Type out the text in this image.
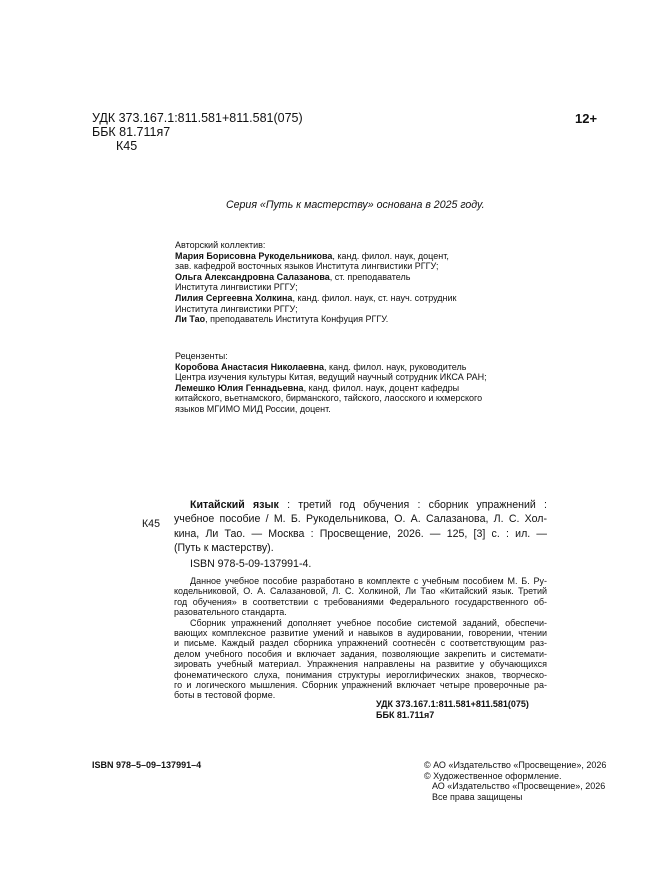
УДК 373.167.1:811.581+811.581(075)
ББК 81.711я7
К45
12+
Серия «Путь к мастерству» основана в 2025 году.
Авторский коллектив:
Мария Борисовна Рукодельникова, канд. филол. наук, доцент,
зав. кафедрой восточных языков Института лингвистики РГГУ;
Ольга Александровна Салазанова, ст. преподаватель
Института лингвистики РГГУ;
Лилия Сергеевна Холкина, канд. филол. наук, ст. науч. сотрудник
Института лингвистики РГГУ;
Ли Тао, преподаватель Института Конфуция РГГУ.
Рецензенты:
Коробова Анастасия Николаевна, канд. филол. наук, руководитель
Центра изучения культуры Китая, ведущий научный сотрудник ИКСА РАН;
Лемешко Юлия Геннадьевна, канд. филол. наук, доцент кафедры
китайского, вьетнамского, бирманского, тайского, лаосского и кхмерского
языков МГИМО МИД России, доцент.
К45
Китайский язык : третий год обучения : сборник упражнений :
учебное пособие / М. Б. Рукодельникова, О. А. Салазанова, Л. С. Хол-
кина, Ли Тао. — Москва : Просвещение, 2026. — 125, [3] с. : ил. —
(Путь к мастерству).
ISBN 978-5-09-137991-4.
Данное учебное пособие разработано в комплекте с учебным пособием М. Б. Ру-
кодельниковой, О. А. Салазановой, Л. С. Холкиной, Ли Тао «Китайский язык. Третий
год обучения» в соответствии с требованиями Федерального государственного об-
разовательного стандарта.
Сборник упражнений дополняет учебное пособие системой заданий, обеспечи-
вающих комплексное развитие умений и навыков в аудировании, говорении, чтении
и письме. Каждый раздел сборника упражнений соотнесён с соответствующим раз-
делом учебного пособия и включает задания, позволяющие закрепить и системати-
зировать учебный материал. Упражнения направлены на развитие у обучающихся
фонематического слуха, понимания структуры иероглифических знаков, творческо-
го и логического мышления. Сборник упражнений включает четыре проверочные ра-
боты в тестовой форме.
УДК 373.167.1:811.581+811.581(075)
ББК 81.711я7
ISBN 978–5–09–137991–4	© АО «Издательство «Просвещение», 2026
© Художественное оформление.
АО «Издательство «Просвещение», 2026
Все права защищены
